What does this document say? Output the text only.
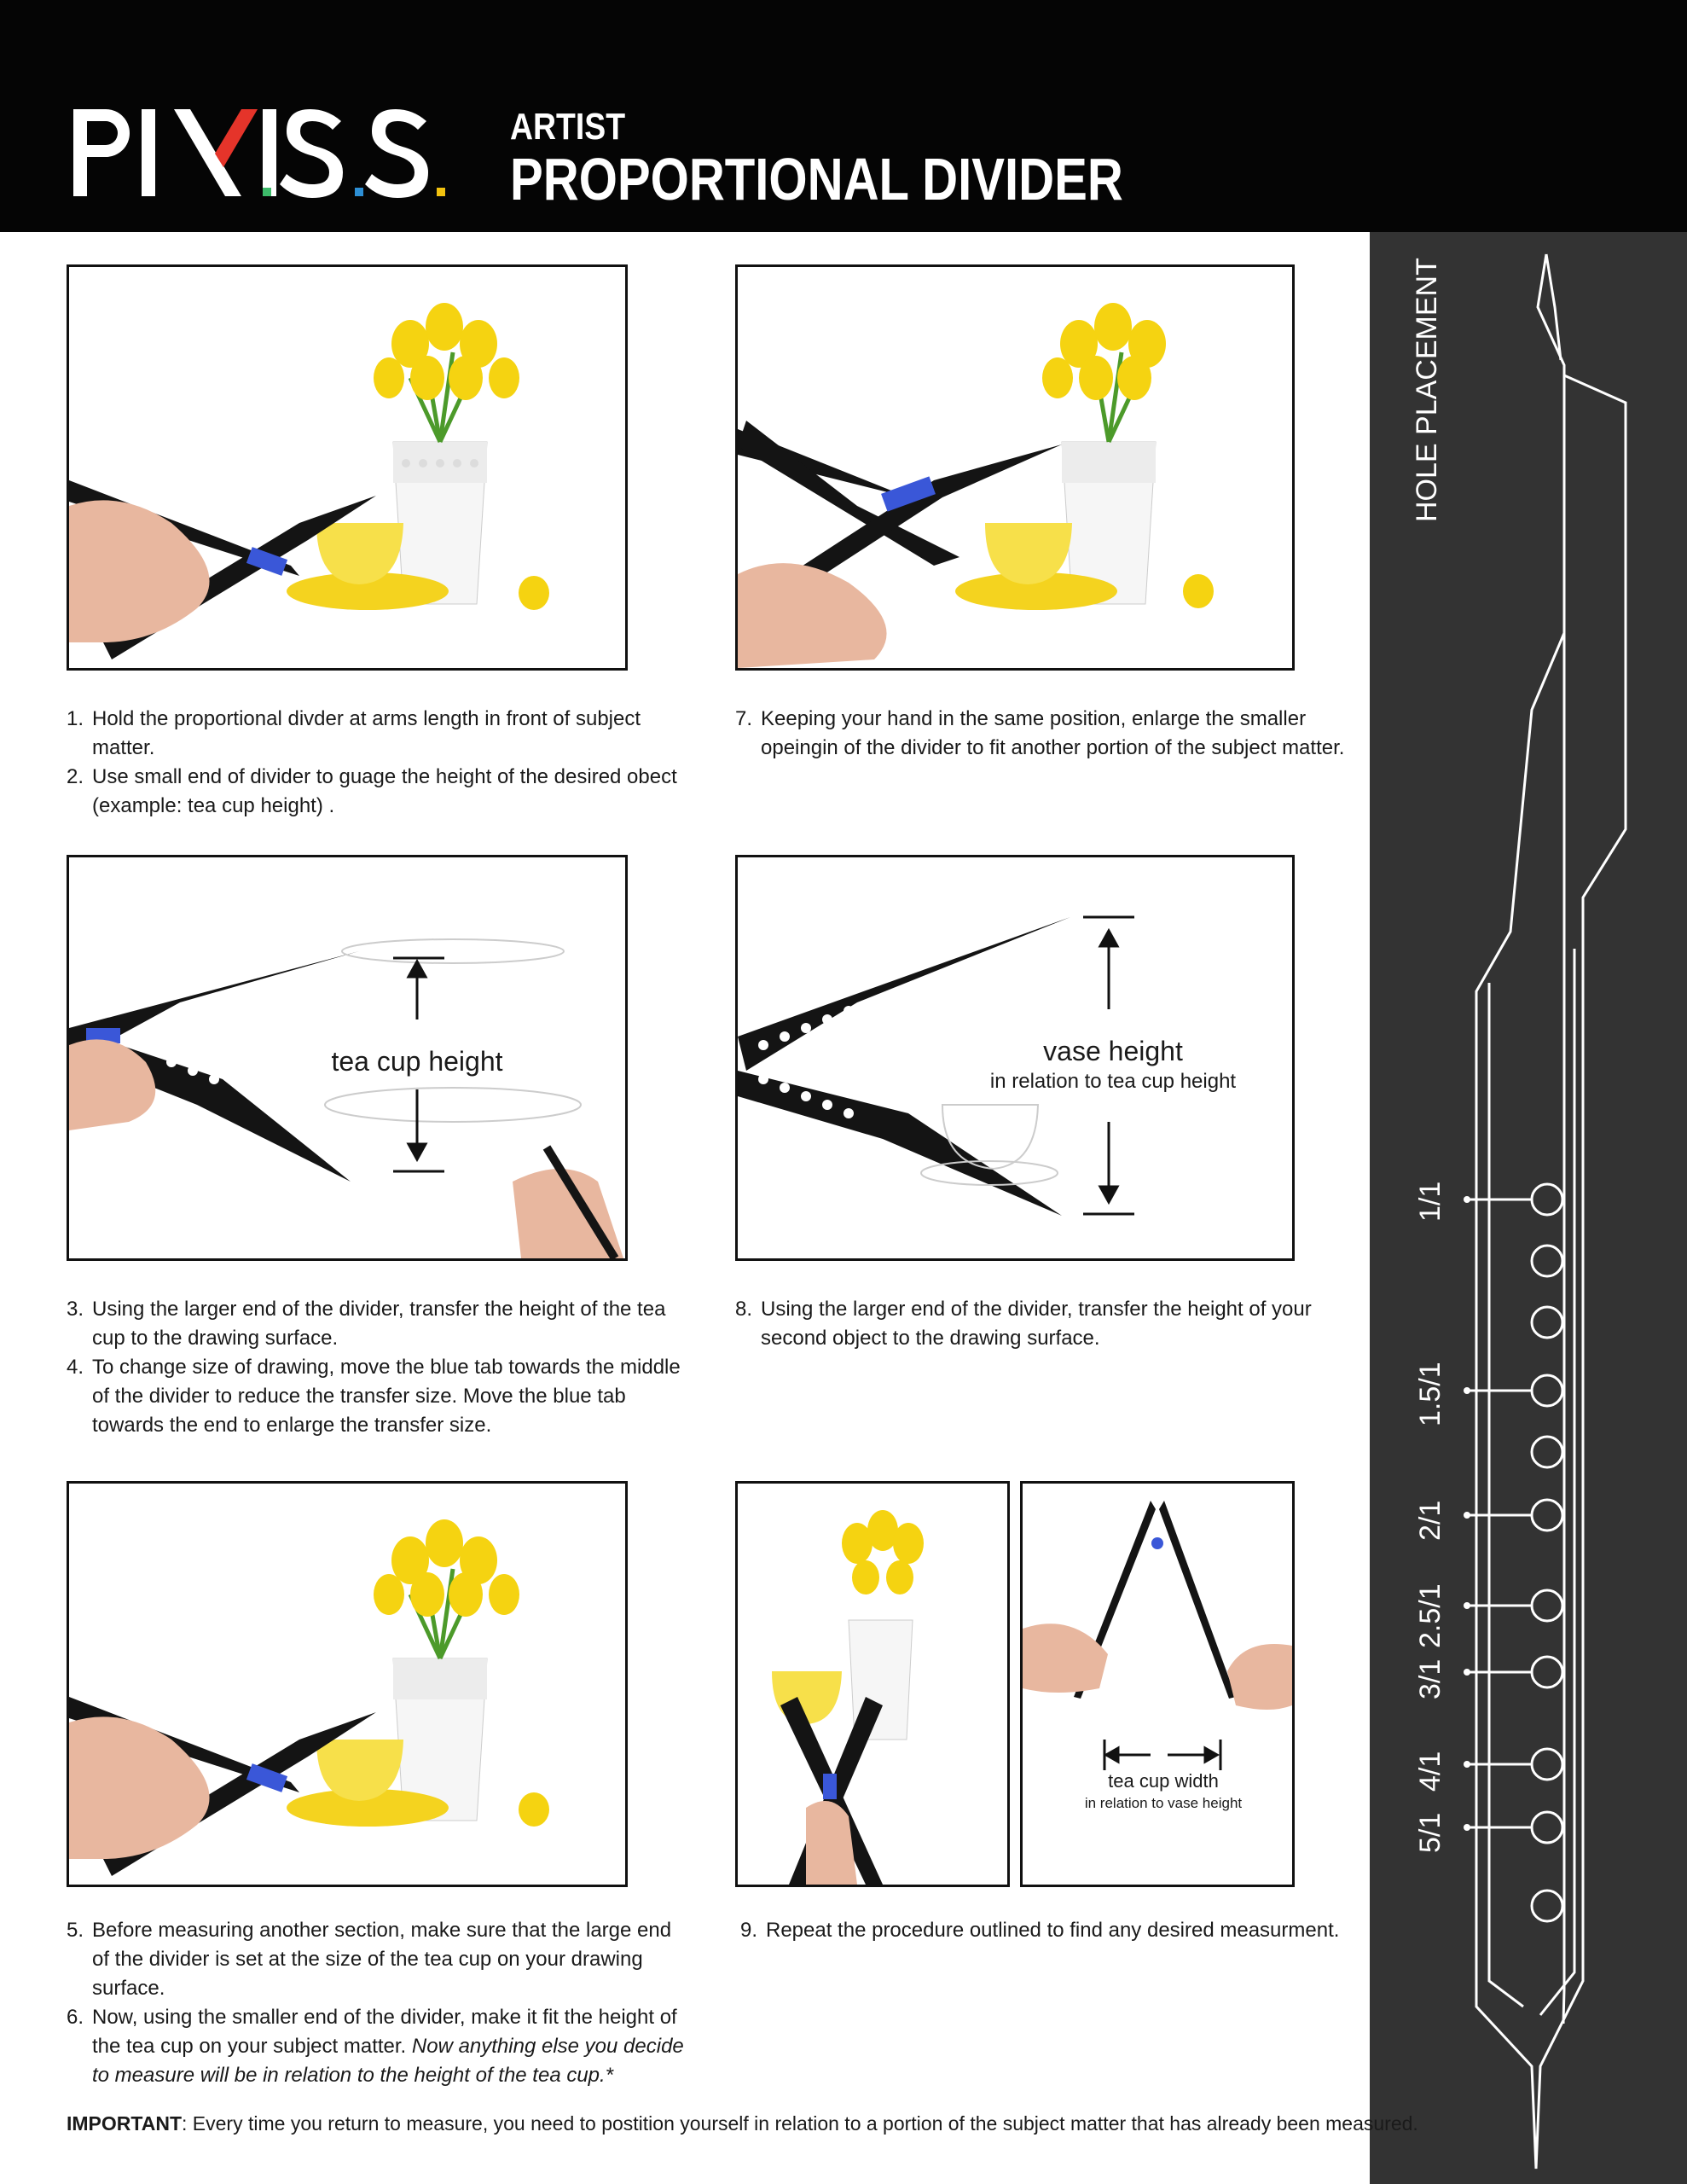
ARTIST
PROPORTIONAL DIVIDER
HOLE PLACEMENT
1/1
1.5/1
2/1
2.5/1
3/1
4/1
5/1
1. Hold the proportional divder at arms length in front of subject matter.
2. Use small end of divider to guage the height of the desired obect (example: tea cup height) .
7. Keeping your hand in the same position, enlarge the smaller opeingin of the divider to fit another portion of the subject matter.
tea cup height
3. Using the larger end of the divider, transfer the height of the tea cup to the drawing surface.
4. To change size of drawing, move the blue tab towards the middle of the divider to reduce the transfer size. Move the blue tab towards the end to enlarge the transfer size.
vase height
in relation to tea cup height
8. Using the larger end of the divider, transfer the height of your second object to the drawing surface.
5. Before measuring another section, make sure that the large end of the divider is set at the size of the tea cup on your drawing surface.
6. Now, using the smaller end of the divider, make it fit the height of the tea cup on your subject matter. Now anything else you decide to measure will be in relation to the height of the tea cup.*
tea cup width
in relation to vase height
9. Repeat the procedure outlined to find any desired measurment.
IMPORTANT: Every time you return to measure, you need to postition yourself in relation to a portion of the subject matter that has already been measured.
